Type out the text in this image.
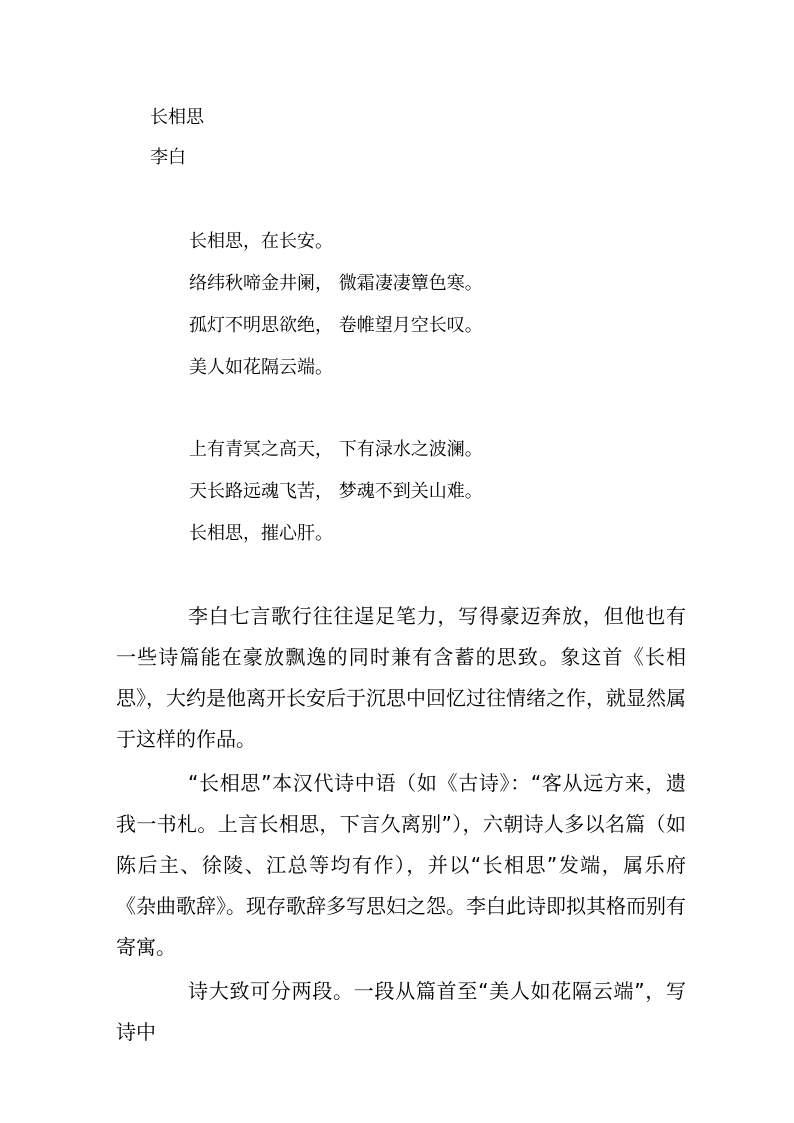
长相思
李白
长相思，在长安。
络纬秋啼金井阑， 微霜凄凄簟色寒。
孤灯不明思欲绝， 卷帷望月空长叹。
美人如花隔云端。
上有青冥之高天， 下有渌水之波澜。
天长路远魂飞苦， 梦魂不到关山难。
长相思，摧心肝。

李白七言歌行往往逞足笔力，写得豪迈奔放，但他也有一些诗篇能在豪放飘逸的同时兼有含蓄的思致。象这首《长相思》，大约是他离开长安后于沉思中回忆过往情绪之作，就显然属于这样的作品。

“长相思”本汉代诗中语（如《古诗》：“客从远方来，遗我一书札。上言长相思，下言久离别”），六朝诗人多以名篇（如陈后主、徐陵、江总等均有作），并以“长相思”发端，属乐府《杂曲歌辞》。现存歌辞多写思妇之怨。李白此诗即拟其格而别有寄寓。

诗大致可分两段。一段从篇首至“美人如花隔云端”，写诗中
